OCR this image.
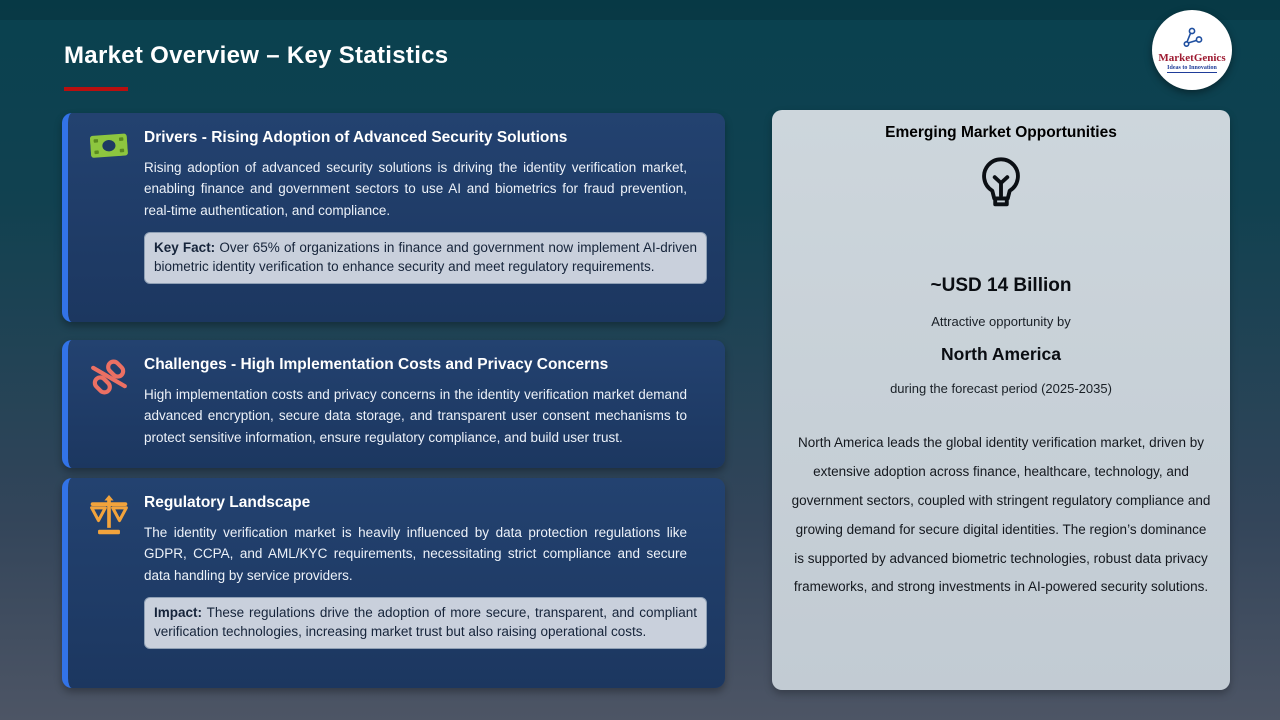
Market Overview – Key Statistics	MarketGenics
Ideas to Innovation
Drivers - Rising Adoption of Advanced Security Solutions

Rising adoption of advanced security solutions is driving the identity verification market, enabling finance and government sectors to use AI and biometrics for fraud prevention, real-time authentication, and compliance.

Key Fact: Over 65% of organizations in finance and government now implement AI-driven biometric identity verification to enhance security and meet regulatory requirements.
Challenges - High Implementation Costs and Privacy Concerns

High implementation costs and privacy concerns in the identity verification market demand advanced encryption, secure data storage, and transparent user consent mechanisms to protect sensitive information, ensure regulatory compliance, and build user trust.

Regulatory Landscape

The identity verification market is heavily influenced by data protection regulations like GDPR, CCPA, and AML/KYC requirements, necessitating strict compliance and secure data handling by service providers.

Impact: These regulations drive the adoption of more secure, transparent, and compliant verification technologies, increasing market trust but also raising operational costs.
Emerging Market Opportunities
~USD 14 Billion
Attractive opportunity by
North America
during the forecast period (2025-2035)

North America leads the global identity verification market, driven by extensive adoption across finance, healthcare, technology, and government sectors, coupled with stringent regulatory compliance and growing demand for secure digital identities. The region’s dominance is supported by advanced biometric technologies, robust data privacy frameworks, and strong investments in AI-powered security solutions.
